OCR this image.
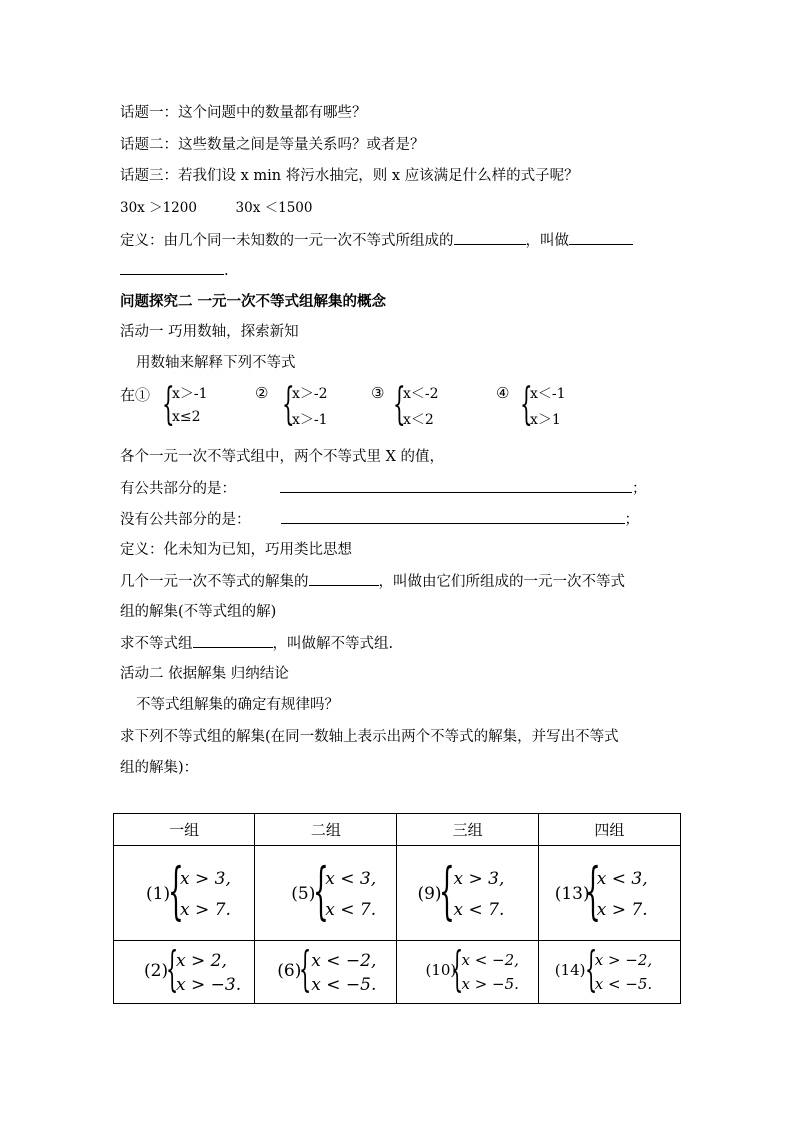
话题一：这个问题中的数量都有哪些？
话题二：这些数量之间是等量关系吗？或者是？
话题三：若我们设 x min 将污水抽完，则 x 应该满足什么样的式子呢？
30x ＞1200	30x ＜1500
定义：由几个同一未知数的一元一次不等式所组成的	，叫做
.
问题探究二 一元一次不等式组解集的概念
活动一 巧用数轴，探索新知
用数轴来解释下列不等式
在① {
x＞-1
x≤2
② {
x＞-2
x＞-1
③ {
x＜-2
x＜2
④ {
x＜-1
x＞1
各个一元一次不等式组中，两个不等式里 X 的值，
有公共部分的是：	；
没有公共部分的是：	；
定义：化未知为已知，巧用类比思想
几个一元一次不等式的解集的	，叫做由它们所组成的一元一次不等式
组的解集(不等式组的解)
求不等式组	，叫做解不等式组.
活动二 依据解集 归纳结论
不等式组解集的确定有规律吗？
求下列不等式组的解集(在同一数轴上表示出两个不等式的解集，并写出不等式
组的解集)：
一组	二组	三组	四组

(1)
{
x > 3,
x > 7.	(5)
{
x < 3,
x < 7.	(9)
{
x > 3,
x < 7.	(13)
{
x < 3,
x > 7.

(2)
{
x > 2,
x > −3.	(6)
{ x < −2,
x < −5.	(10)
{
x < −2,
x > −5.	(14) {
x > −2,
x < −5.
